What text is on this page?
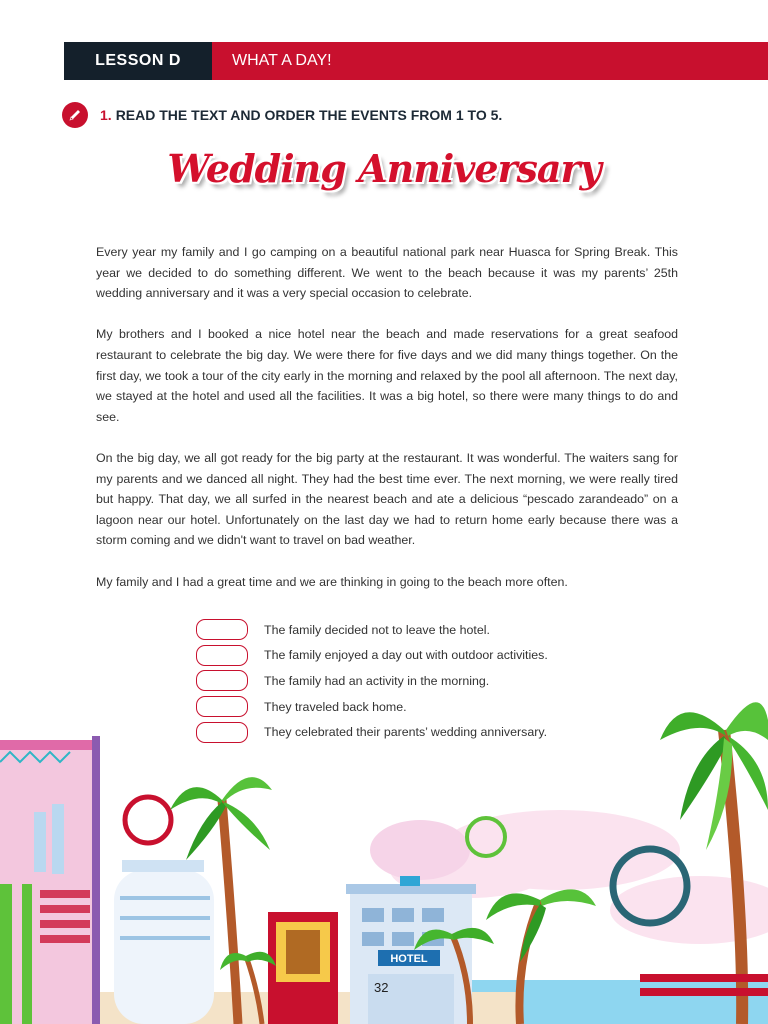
LESSON D	WHAT A DAY!
1. READ THE TEXT AND ORDER THE EVENTS FROM 1 TO 5.
Wedding Anniversary

Every year my family and I go camping on a beautiful national park near Huasca for Spring Break. This year we decided to do something different. We went to the beach because it was my parents’ 25th wedding anniversary and it was a very special occasion to celebrate.

My brothers and I booked a nice hotel near the beach and made reservations for a great seafood restaurant to celebrate the big day. We were there for five days and we did many things together. On the first day, we took a tour of the city early in the morning and relaxed by the pool all afternoon. The next day, we stayed at the hotel and used all the facilities. It was a big hotel, so there were many things to do and see.

On the big day, we all got ready for the big party at the restaurant. It was wonderful. The waiters sang for my parents and we danced all night. They had the best time ever. The next morning, we were really tired but happy. That day, we all surfed in the nearest beach and ate a delicious “pescado zarandeado” on a lagoon near our hotel. Unfortunately on the last day we had to return home early because there was a storm coming and we didn't want to travel on bad weather.

My family and I had a great time and we are thinking in going to the beach more often.

The family decided not to leave the hotel.
The family enjoyed a day out with outdoor activities.
The family had an activity in the morning.
They traveled back home.
They celebrated their parents’ wedding anniversary.
HOTEL
32
